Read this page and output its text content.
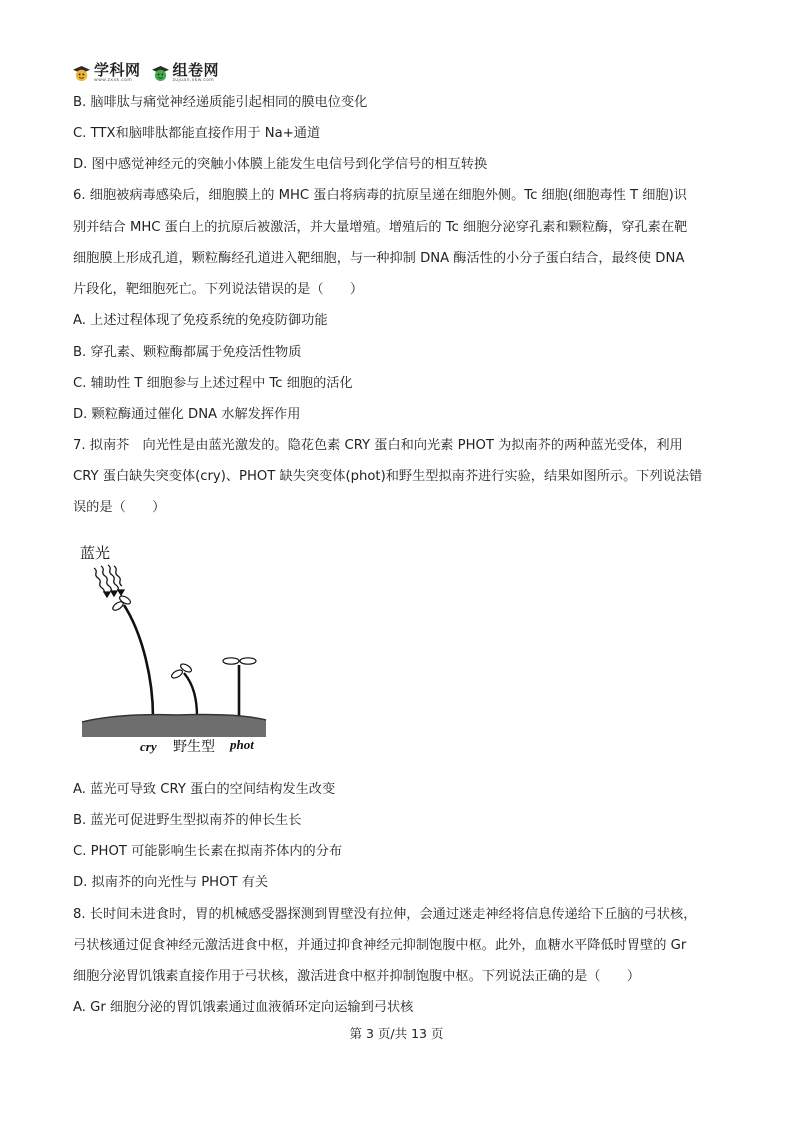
学科网
www.zxxk.com
组卷网
zujuan.xkw.com
B. 脑啡肽与痛觉神经递质能引起相同的膜电位变化
C. TTX和脑啡肽都能直接作用于 Na+通道
D. 图中感觉神经元的突触小体膜上能发生电信号到化学信号的相互转换
6. 细胞被病毒感染后，细胞膜上的 MHC 蛋白将病毒的抗原呈递在细胞外侧。Tc 细胞(细胞毒性 T 细胞)识
别并结合 MHC 蛋白上的抗原后被激活，并大量增殖。增殖后的 Tc 细胞分泌穿孔素和颗粒酶，穿孔素在靶
细胞膜上形成孔道，颗粒酶经孔道进入靶细胞，与一种抑制 DNA 酶活性的小分子蛋白结合，最终使 DNA
片段化，靶细胞死亡。下列说法错误的是（　　）
A. 上述过程体现了免疫系统的免疫防御功能
B. 穿孔素、颗粒酶都属于免疫活性物质
C. 辅助性 T 细胞参与上述过程中 Tc 细胞的活化
D. 颗粒酶通过催化 DNA 水解发挥作用
7. 拟南芥　向光性是由蓝光激发的。隐花色素 CRY 蛋白和向光素 PHOT 为拟南芥的两种蓝光受体，利用
CRY 蛋白缺失突变体(cry)、PHOT 缺失突变体(phot)和野生型拟南芥进行实验，结果如图所示。下列说法错
误的是（　　）
蓝光
cry 野生型 phot
A. 蓝光可导致 CRY 蛋白的空间结构发生改变
B. 蓝光可促进野生型拟南芥的伸长生长
C. PHOT 可能影响生长素在拟南芥体内的分布
D. 拟南芥的向光性与 PHOT 有关
8. 长时间未进食时，胃的机械感受器探测到胃壁没有拉伸，会通过迷走神经将信息传递给下丘脑的弓状核，
弓状核通过促食神经元激活进食中枢，并通过抑食神经元抑制饱腹中枢。此外，血糖水平降低时胃壁的 Gr
细胞分泌胃饥饿素直接作用于弓状核，激活进食中枢并抑制饱腹中枢。下列说法正确的是（　　）
A. Gr 细胞分泌的胃饥饿素通过血液循环定向运输到弓状核
第 3 页/共 13 页
